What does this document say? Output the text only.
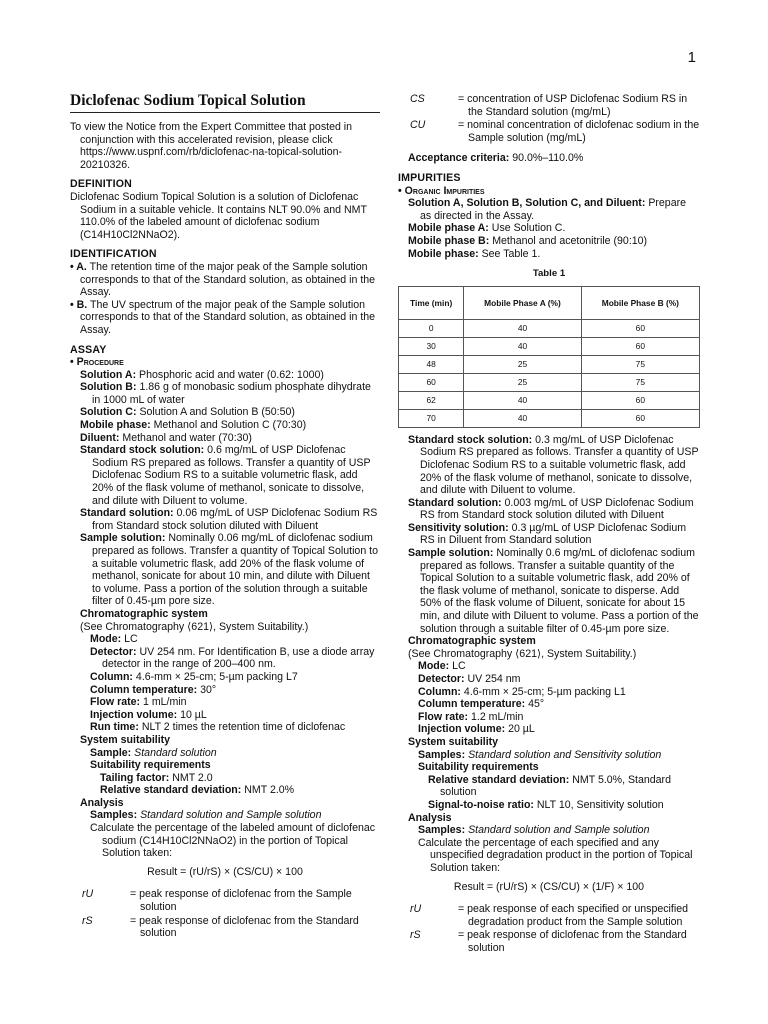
1
Diclofenac Sodium Topical Solution

To view the Notice from the Expert Committee that posted in conjunction with this accelerated revision, please click https://www.uspnf.com/rb/diclofenac-na-topical-solution-20210326.

DEFINITION

Diclofenac Sodium Topical Solution is a solution of Diclofenac Sodium in a suitable vehicle. It contains NLT 90.0% and NMT 110.0% of the labeled amount of diclofenac sodium (C14H10Cl2NNaO2).

IDENTIFICATION

• A. The retention time of the major peak of the Sample solution corresponds to that of the Standard solution, as obtained in the Assay.

• B. The UV spectrum of the major peak of the Sample solution corresponds to that of the Standard solution, as obtained in the Assay.

ASSAY
• Procedure

Solution A: Phosphoric acid and water (0.62: 1000)

Solution B: 1.86 g of monobasic sodium phosphate dihydrate in 1000 mL of water

Solution C: Solution A and Solution B (50:50)

Mobile phase: Methanol and Solution C (70:30)

Diluent: Methanol and water (70:30)

Standard stock solution: 0.6 mg/mL of USP Diclofenac Sodium RS prepared as follows. Transfer a quantity of USP Diclofenac Sodium RS to a suitable volumetric flask, add 20% of the flask volume of methanol, sonicate to dissolve, and dilute with Diluent to volume.

Standard solution: 0.06 mg/mL of USP Diclofenac Sodium RS from Standard stock solution diluted with Diluent

Sample solution: Nominally 0.06 mg/mL of diclofenac sodium prepared as follows. Transfer a quantity of Topical Solution to a suitable volumetric flask, add 20% of the flask volume of methanol, sonicate for about 10 min, and dilute with Diluent to volume. Pass a portion of the solution through a suitable filter of 0.45-µm pore size.

Chromatographic system

(See Chromatography ⟨621⟩, System Suitability.)

Mode: LC

Detector: UV 254 nm. For Identification B, use a diode array detector in the range of 200–400 nm.

Column: 4.6-mm × 25-cm; 5-µm packing L7

Column temperature: 30°

Flow rate: 1 mL/min

Injection volume: 10 µL

Run time: NLT 2 times the retention time of diclofenac

System suitability

Sample: Standard solution

Suitability requirements

Tailing factor: NMT 2.0

Relative standard deviation: NMT 2.0%

Analysis

Samples: Standard solution and Sample solution

Calculate the percentage of the labeled amount of diclofenac sodium (C14H10Cl2NNaO2) in the portion of Topical Solution taken:

Result = (rU/rS) × (CS/CU) × 100
rU	= peak response of diclofenac from the Sample solution
rS	= peak response of diclofenac from the Standard solution
CS	= concentration of USP Diclofenac Sodium RS in the Standard solution (mg/mL)
CU	= nominal concentration of diclofenac sodium in the Sample solution (mg/mL)

Acceptance criteria: 90.0%–110.0%

IMPURITIES
• Organic Impurities

Solution A, Solution B, Solution C, and Diluent: Prepare as directed in the Assay.

Mobile phase A: Use Solution C.

Mobile phase B: Methanol and acetonitrile (90:10)

Mobile phase: See Table 1.

Table 1
Time (min)	Mobile Phase A (%)	Mobile Phase B (%)
0	40	60
30	40	60
48	25	75
60	25	75
62	40	60
70	40	60

Standard stock solution: 0.3 mg/mL of USP Diclofenac Sodium RS prepared as follows. Transfer a quantity of USP Diclofenac Sodium RS to a suitable volumetric flask, add 20% of the flask volume of methanol, sonicate to dissolve, and dilute with Diluent to volume.

Standard solution: 0.003 mg/mL of USP Diclofenac Sodium RS from Standard stock solution diluted with Diluent

Sensitivity solution: 0.3 µg/mL of USP Diclofenac Sodium RS in Diluent from Standard solution

Sample solution: Nominally 0.6 mg/mL of diclofenac sodium prepared as follows. Transfer a suitable quantity of the Topical Solution to a suitable volumetric flask, add 20% of the flask volume of methanol, sonicate to disperse. Add 50% of the flask volume of Diluent, sonicate for about 15 min, and dilute with Diluent to volume. Pass a portion of the solution through a suitable filter of 0.45-µm pore size.

Chromatographic system

(See Chromatography ⟨621⟩, System Suitability.)

Mode: LC

Detector: UV 254 nm

Column: 4.6-mm × 25-cm; 5-µm packing L1

Column temperature: 45°

Flow rate: 1.2 mL/min

Injection volume: 20 µL

System suitability

Samples: Standard solution and Sensitivity solution

Suitability requirements

Relative standard deviation: NMT 5.0%, Standard solution

Signal-to-noise ratio: NLT 10, Sensitivity solution

Analysis

Samples: Standard solution and Sample solution

Calculate the percentage of each specified and any unspecified degradation product in the portion of Topical Solution taken:

Result = (rU/rS) × (CS/CU) × (1/F) × 100
rU	= peak response of each specified or unspecified degradation product from the Sample solution
rS	= peak response of diclofenac from the Standard solution
